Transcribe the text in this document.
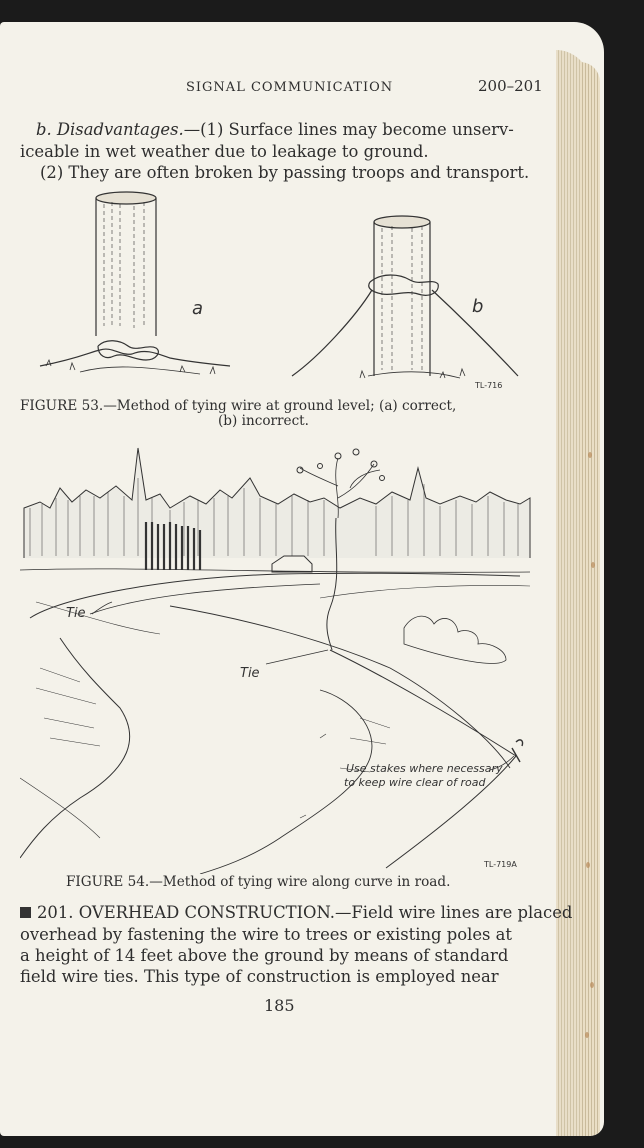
SIGNAL COMMUNICATION	200–201
b. Disadvantages.—(1) Surface lines may become unserv-
iceable in wet weather due to leakage to ground.
(2) They are often broken by passing troops and transport.
a	b
TL-716
FIGURE 53.—Method of tying wire at ground level; (a) correct,
(b) incorrect.
Tie
Tie
Use stakes where necessary
to keep wire clear of road
TL-719A
FIGURE 54.—Method of tying wire along curve in road.
201. OVERHEAD CONSTRUCTION.—Field wire lines are placed
overhead by fastening the wire to trees or existing poles at
a height of 14 feet above the ground by means of standard
field wire ties. This type of construction is employed near
185
